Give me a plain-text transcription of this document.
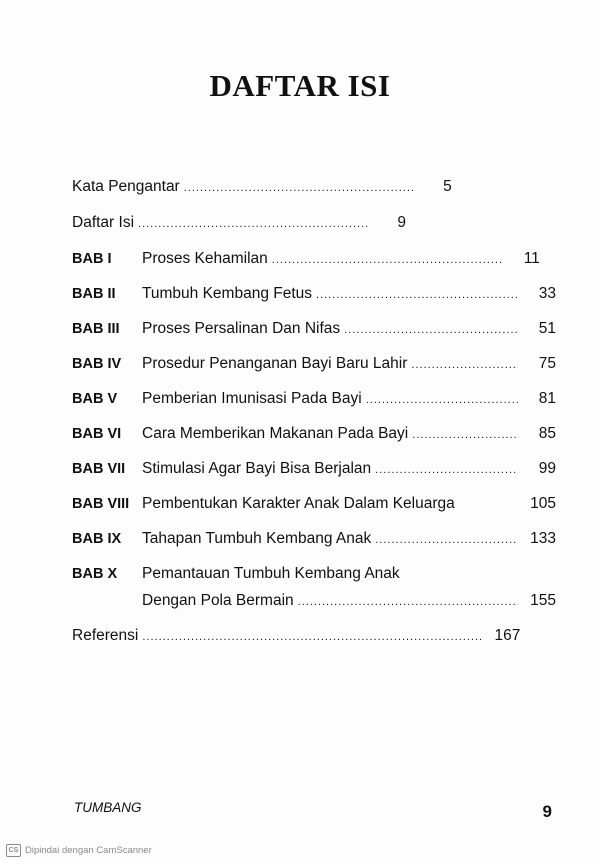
DAFTAR ISI
Kata Pengantar .....	5
Daftar Isi .....	9
BAB I	Proses Kehamilan .....	11
BAB II	Tumbuh Kembang Fetus .....	33
BAB III	Proses Persalinan Dan Nifas .....	51
BAB IV	Prosedur Penanganan Bayi Baru Lahir .....	75
BAB V	Pemberian Imunisasi Pada Bayi .....	81
BAB VI	Cara Memberikan Makanan Pada Bayi .....	85
BAB VII	Stimulasi Agar Bayi Bisa Berjalan .....	99
BAB VIII Pembentukan Karakter Anak Dalam Keluarga	105
BAB IX	Tahapan Tumbuh Kembang Anak .....	133
BAB X	Pemantauan Tumbuh Kembang Anak
Dengan Pola Bermain .....	155
Referensi .....	167
TUMBANG	9
CS Dipindai dengan CamScanner
